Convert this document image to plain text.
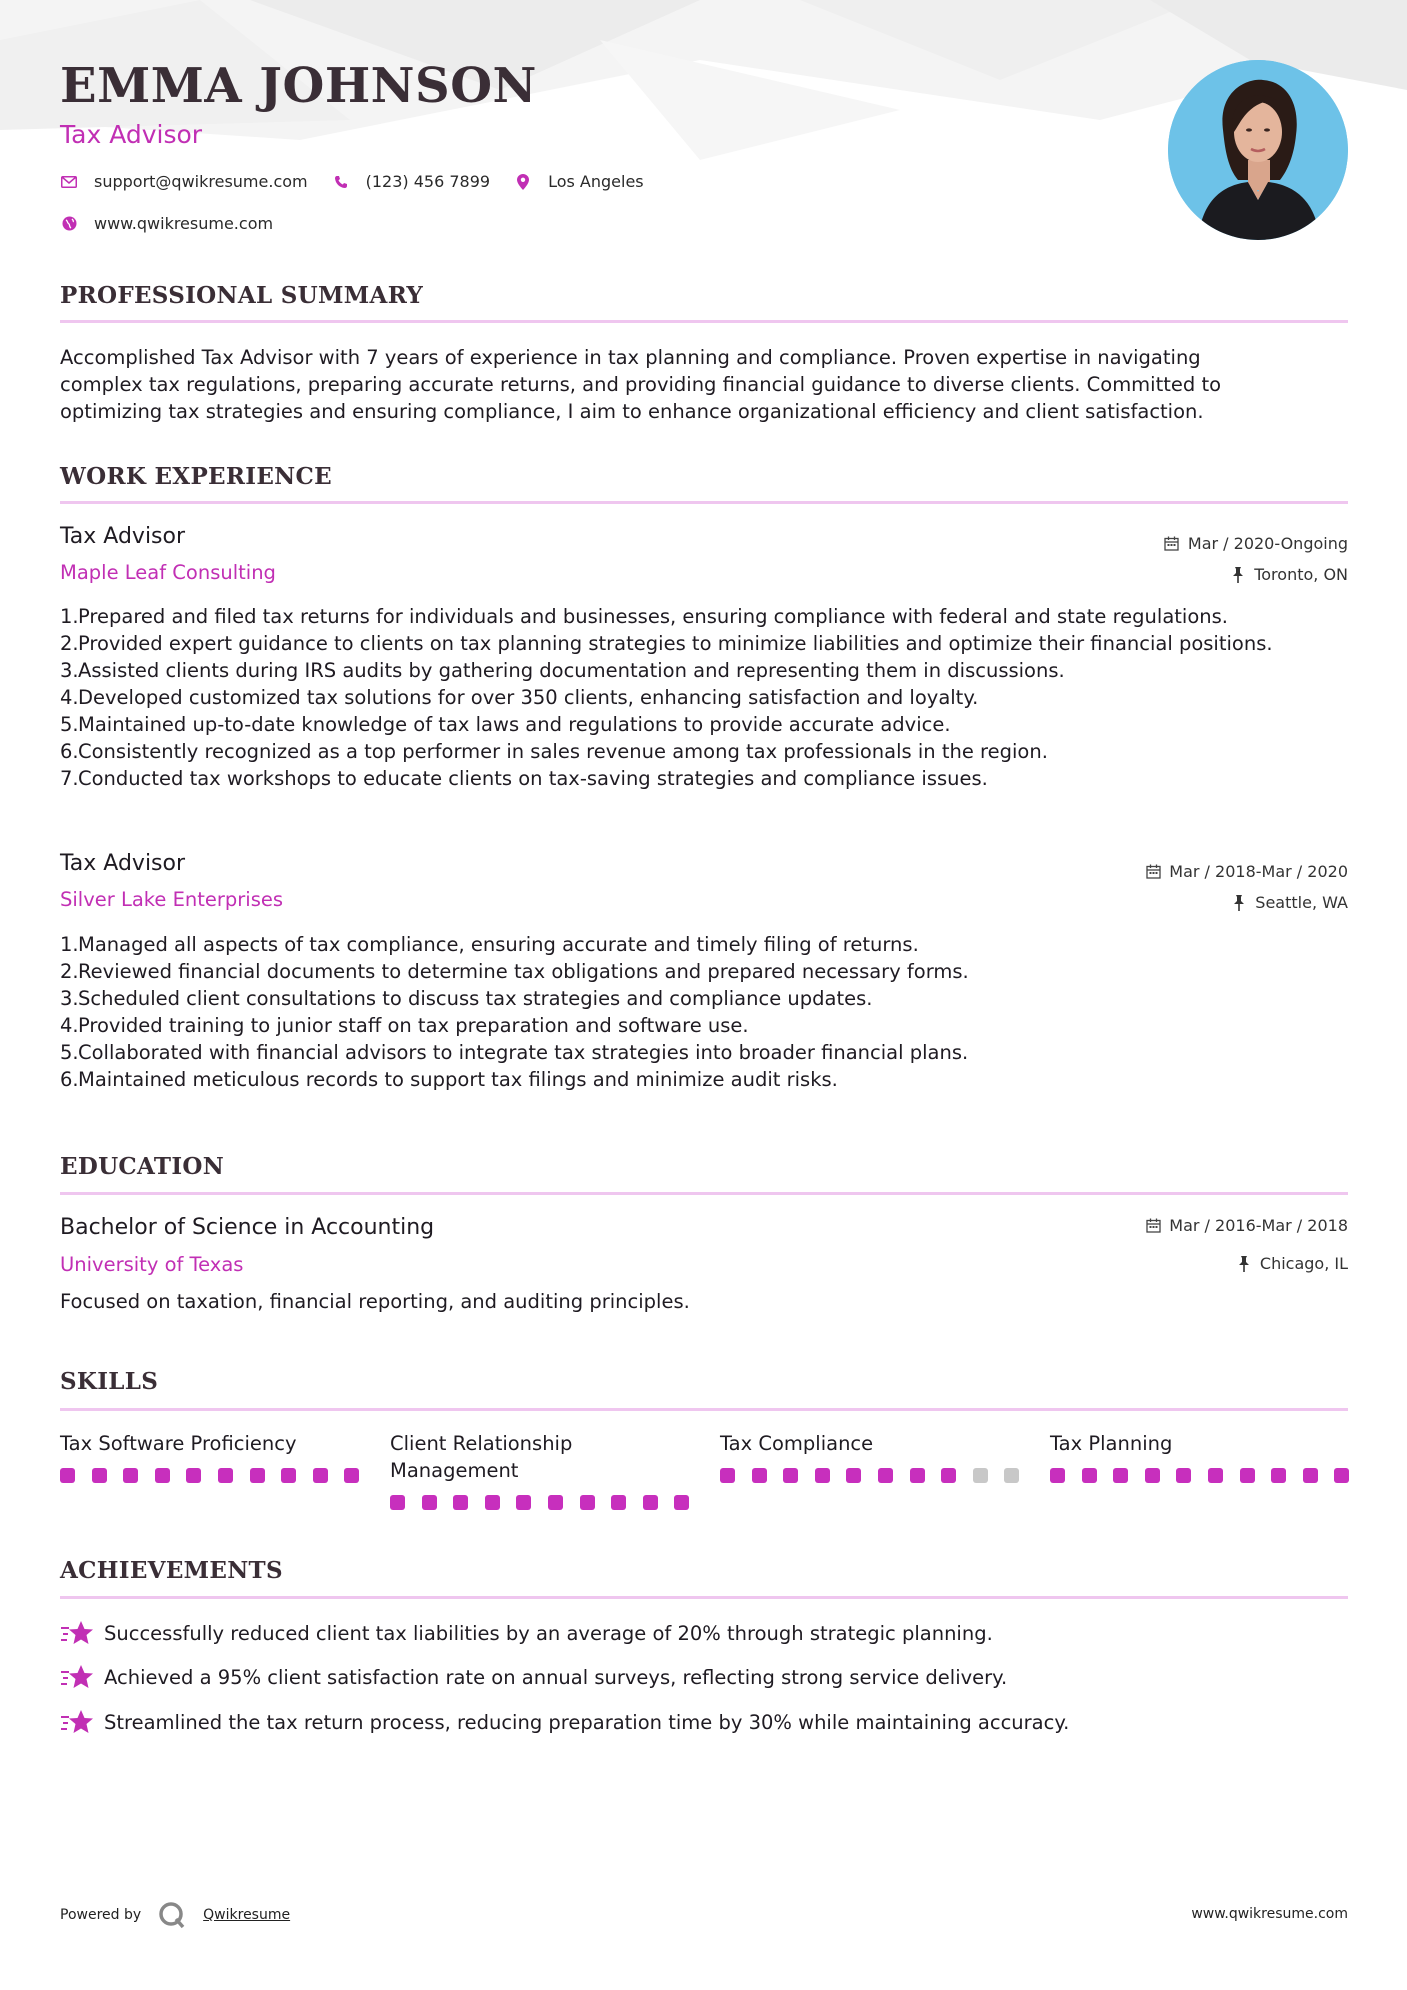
EMMA JOHNSON
Tax Advisor
support@qwikresume.com	(123) 456 7899	Los Angeles
www.qwikresume.com
PROFESSIONAL SUMMARY
Accomplished Tax Advisor with 7 years of experience in tax planning and compliance. Proven expertise in navigating
complex tax regulations, preparing accurate returns, and providing financial guidance to diverse clients. Committed to
optimizing tax strategies and ensuring compliance, I aim to enhance organizational efficiency and client satisfaction.
WORK EXPERIENCE
Tax Advisor
Maple Leaf Consulting
Mar / 2020-Ongoing
Toronto, ON
1. Prepared and filed tax returns for individuals and businesses, ensuring compliance with federal and state regulations.
2. Provided expert guidance to clients on tax planning strategies to minimize liabilities and optimize their financial positions.
3. Assisted clients during IRS audits by gathering documentation and representing them in discussions.
4. Developed customized tax solutions for over 350 clients, enhancing satisfaction and loyalty.
5. Maintained up-to-date knowledge of tax laws and regulations to provide accurate advice.
6. Consistently recognized as a top performer in sales revenue among tax professionals in the region.
7. Conducted tax workshops to educate clients on tax-saving strategies and compliance issues.
Tax Advisor
Silver Lake Enterprises
Mar / 2018-Mar / 2020
Seattle, WA
1. Managed all aspects of tax compliance, ensuring accurate and timely filing of returns.
2. Reviewed financial documents to determine tax obligations and prepared necessary forms.
3. Scheduled client consultations to discuss tax strategies and compliance updates.
4. Provided training to junior staff on tax preparation and software use.
5. Collaborated with financial advisors to integrate tax strategies into broader financial plans.
6. Maintained meticulous records to support tax filings and minimize audit risks.
EDUCATION
Bachelor of Science in Accounting
University of Texas
Mar / 2016-Mar / 2018
Chicago, IL
Focused on taxation, financial reporting, and auditing principles.
SKILLS
Tax Software Proficiency	Client Relationship
Management
Tax Compliance	Tax Planning
ACHIEVEMENTS
Successfully reduced client tax liabilities by an average of 20% through strategic planning.
Achieved a 95% client satisfaction rate on annual surveys, reflecting strong service delivery.
Streamlined the tax return process, reducing preparation time by 30% while maintaining accuracy.
Powered by	Qwikresume	www.qwikresume.com
